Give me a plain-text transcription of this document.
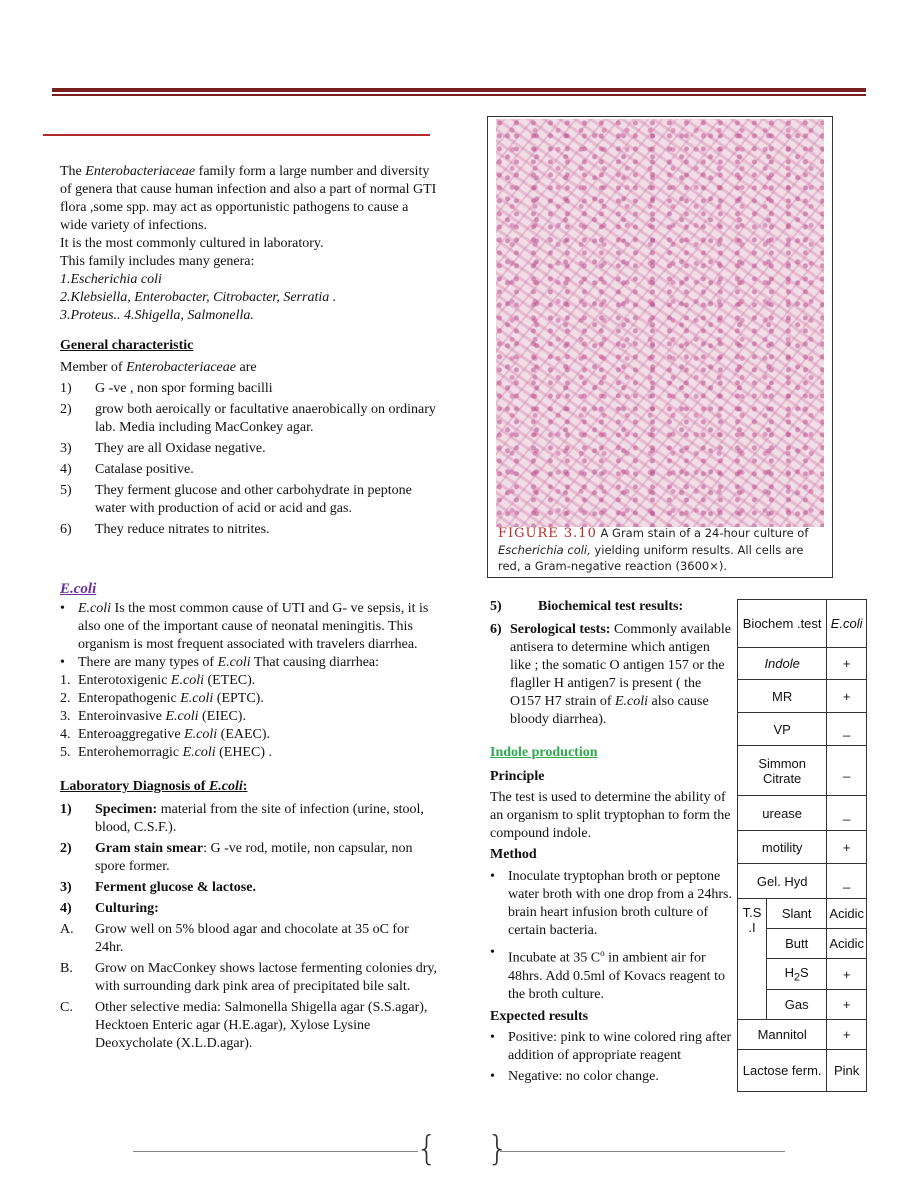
The Enterobacteriaceae family form a large number and diversity of genera that cause human infection and also a part of normal GTI flora ,some spp. may act as opportunistic pathogens to cause a wide variety of infections.

It is the most commonly cultured in laboratory.

This family includes many genera:

1.Escherichia coli

2.Klebsiella, Enterobacter, Citrobacter, Serratia .

3.Proteus.. 4.Shigella, Salmonella.

General characteristic

Member of Enterobacteriaceae are

1)	G -ve , non spor forming bacilli
2)	grow both aeroically or facultative anaerobically on ordinary lab. Media including MacConkey agar.
3)	They are all Oxidase negative.
4)	Catalase positive.
5)	They ferment glucose and other carbohydrate in peptone water with production of acid or acid and gas.
6)	They reduce nitrates to nitrites.

E.coli

• E.coli Is the most common cause of UTI and G- ve sepsis, it is also one of the important cause of neonatal meningitis. This organism is most frequent associated with travelers diarrhea.
• There are many types of E.coli That causing diarrhea:
1. Enterotoxigenic E.coli (ETEC).
2. Enteropathogenic E.coli (EPTC).
3. Enteroinvasive E.coli (EIEC).
4. Enteroaggregative E.coli (EAEC).
5. Enterohemorragic E.coli (EHEC) .

Laboratory Diagnosis of E.coli:

1)	Specimen: material from the site of infection (urine, stool, blood, C.S.F.).
2)	Gram stain smear: G -ve rod, motile, non capsular, non spore former.
3)	Ferment glucose & lactose.
4)	Culturing:
A.	Grow well on 5% blood agar and chocolate at 35 oC for 24hr.
B.	Grow on MacConkey shows lactose fermenting colonies dry, with surrounding dark pink area of precipitated bile salt.
C.	Other selective media: Salmonella Shigella agar (S.S.agar), Hecktoen Enteric agar (H.E.agar), Xylose Lysine Deoxycholate (X.L.D.agar).
FIGURE 3.10 A Gram stain of a 24-hour culture of Escherichia coli, yielding uniform results. All cells are red, a Gram-negative reaction (3600×).
5)	Biochemical test results:
6) Serological tests: Commonly available antisera to determine which antigen like ; the somatic O antigen 157 or the flagller H antigen7 is present ( the O157 H7 strain of E.coli also cause bloody diarrhea).

Indole production

Principle

The test is used to determine the ability of an organism to split tryptophan to form the compound indole.

Method

• Inoculate tryptophan broth or peptone water broth with one drop from a 24hrs. brain heart infusion broth culture of certain bacteria.
• Incubate at 35 $C^o$ in ambient air for 48hrs. Add 0.5ml of Kovacs reagent to the broth culture.

Expected results

• Positive: pink to wine colored ring after addition of appropriate reagent
• Negative: no color change.
Biochem .test		E.coli
Indole		+
MR		+
VP		_
Simmon Citrate		_
urease		_
motility		+
Gel. Hyd		_
T.S .I	Slant	Acidic
	Butt	Acidic
	$H_2S$	+
	Gas	+
Mannitol		+
Lactose ferm.		Pink
{ }
